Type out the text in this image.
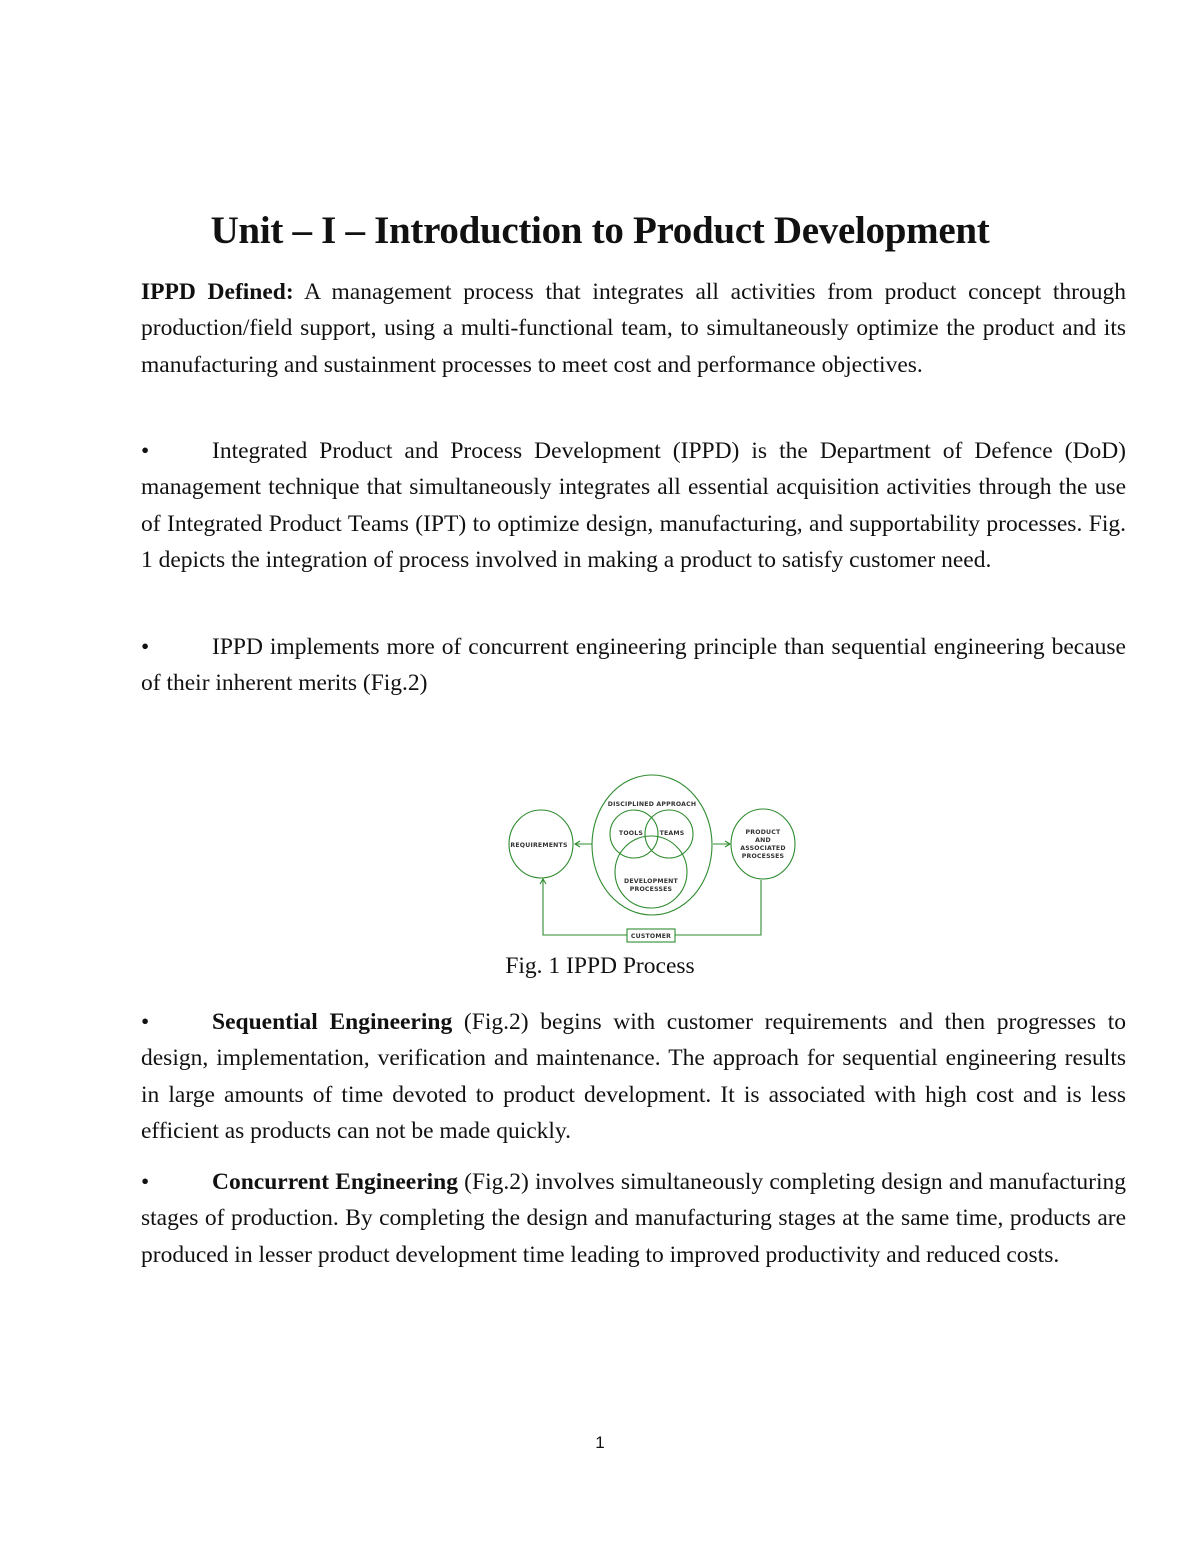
Unit – I – Introduction to Product Development

IPPD Defined: A management process that integrates all activities from product concept through production/field support, using a multi-functional team, to simultaneously optimize the product and its manufacturing and sustainment processes to meet cost and performance objectives.

•	Integrated Product and Process Development (IPPD) is the Department of Defence (DoD) management technique that simultaneously integrates all essential acquisition activities through the use of Integrated Product Teams (IPT) to optimize design, manufacturing, and supportability processes. Fig. 1 depicts the integration of process involved in making a product to satisfy customer need.

•	IPPD implements more of concurrent engineering principle than sequential engineering because of their inherent merits (Fig.2)

REQUIREMENTS
DISCIPLINED APPROACH
TOOLS	TEAMS
DEVELOPMENT
PROCESSES
PRODUCT
AND
ASSOCIATED
PROCESSES
CUSTOMER

Fig. 1 IPPD Process

•	Sequential Engineering (Fig.2) begins with customer requirements and then progresses to design, implementation, verification and maintenance. The approach for sequential engineering results in large amounts of time devoted to product development. It is associated with high cost and is less efficient as products can not be made quickly.

•	Concurrent Engineering (Fig.2) involves simultaneously completing design and manufacturing stages of production. By completing the design and manufacturing stages at the same time, products are produced in lesser product development time leading to improved productivity and reduced costs.

1
